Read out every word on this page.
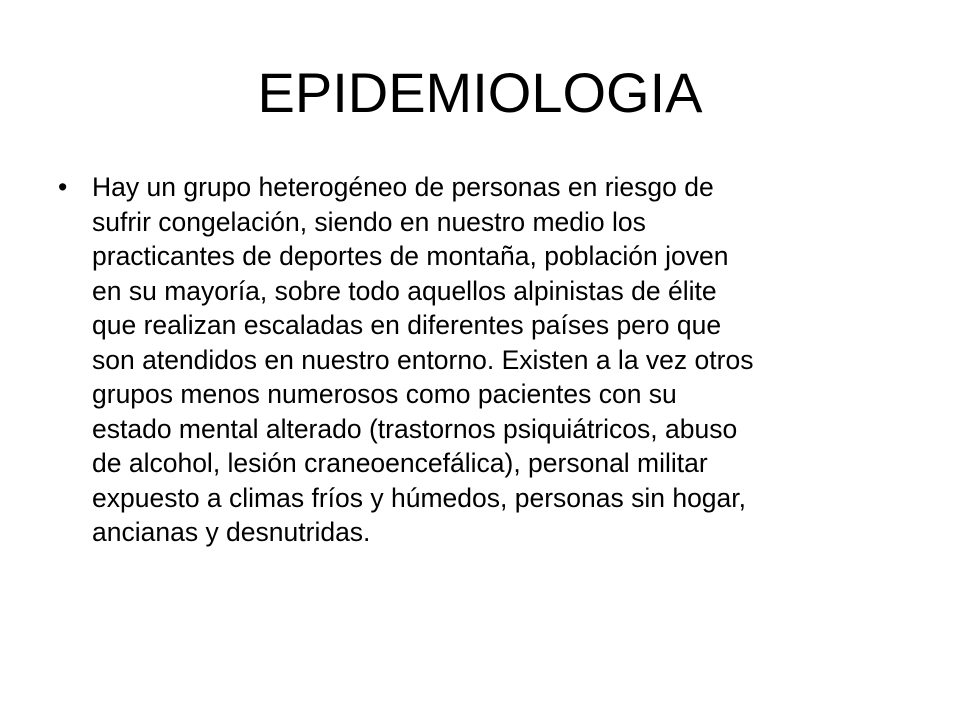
EPIDEMIOLOGIA
• Hay un grupo heterogéneo de personas en riesgo de
sufrir congelación, siendo en nuestro medio los
practicantes de deportes de montaña, población joven
en su mayoría, sobre todo aquellos alpinistas de élite
que realizan escaladas en diferentes países pero que
son atendidos en nuestro entorno. Existen a la vez otros
grupos menos numerosos como pacientes con su
estado mental alterado (trastornos psiquiátricos, abuso
de alcohol, lesión craneoencefálica), personal militar
expuesto a climas fríos y húmedos, personas sin hogar,
ancianas y desnutridas.
